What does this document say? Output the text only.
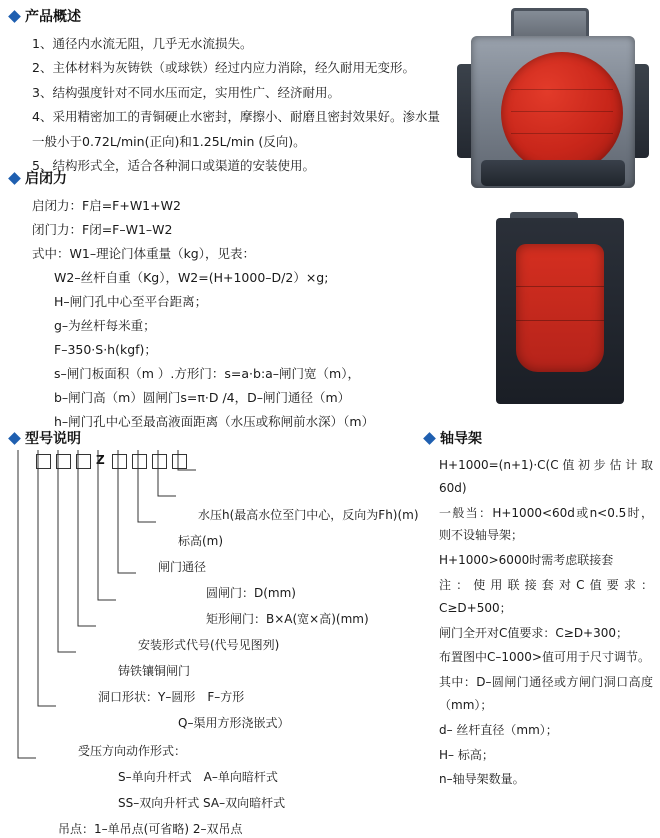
产品概述
1、通径内水流无阻，几乎无水流损失。
2、主体材料为灰铸铁（或球铁）经过内应力消除，经久耐用无变形。
3、结构强度针对不同水压而定，实用性广、经济耐用。
4、采用精密加工的青铜硬止水密封，摩擦小、耐磨且密封效果好。渗水量一般小于0.72L/min(正向)和1.25L/min (反向)。
5、结构形式全，适合各种洞口或渠道的安装使用。
启闭力
启闭力：F启=F+W1+W2
闭门力：F闭=F–W1–W2
式中：W1–理论门体重量（kg），见表：
W2–丝杆自重（Kg），W2=(H+1000–D/2）×g;
H–闸门孔中心至平台距离；
g–为丝杆每米重；
F–350·S·h(kgf)；
s–闸门板面积（m ）.方形门：s=a·b:a–闸门宽（m），
b–闸门高（m）圆闸门s=π·D /4，D–闸门通径（m）
h–闸门孔中心至最高液面距离（水压或称闸前水深）（m）
型号说明
Z
水压h(最高水位至门中心，反向为Fh)(m)
标高(m)
闸门通径
圆闸门：D(mm)
矩形闸门：B×A(宽×高)(mm)
安装形式代号(代号见图列)
铸铁镶铜闸门
洞口形状：Y–圆形　F–方形
Q–渠用方形浇嵌式）
受压方向动作形式：
S–单向升杆式　A–单向暗杆式
SS–双向升杆式 SA–双向暗杆式
吊点：1–单吊点(可省略) 2–双吊点
轴导架
H+1000=(n+1)·C(C值初步估计取60d)
一般当：H+1000<60d或n<0.5时，则不设轴导架；
H+1000>6000时需考虑联接套
注：使用联接套对C值要求：C≥D+500；
闸门全开对C值要求：C≥D+300；
布置图中C–1000>值可用于尺寸调节。
其中：D–圆闸门通径或方闸门洞口高度（mm）；
d– 丝杆直径（mm）；
H– 标高；
n–轴导架数量。
